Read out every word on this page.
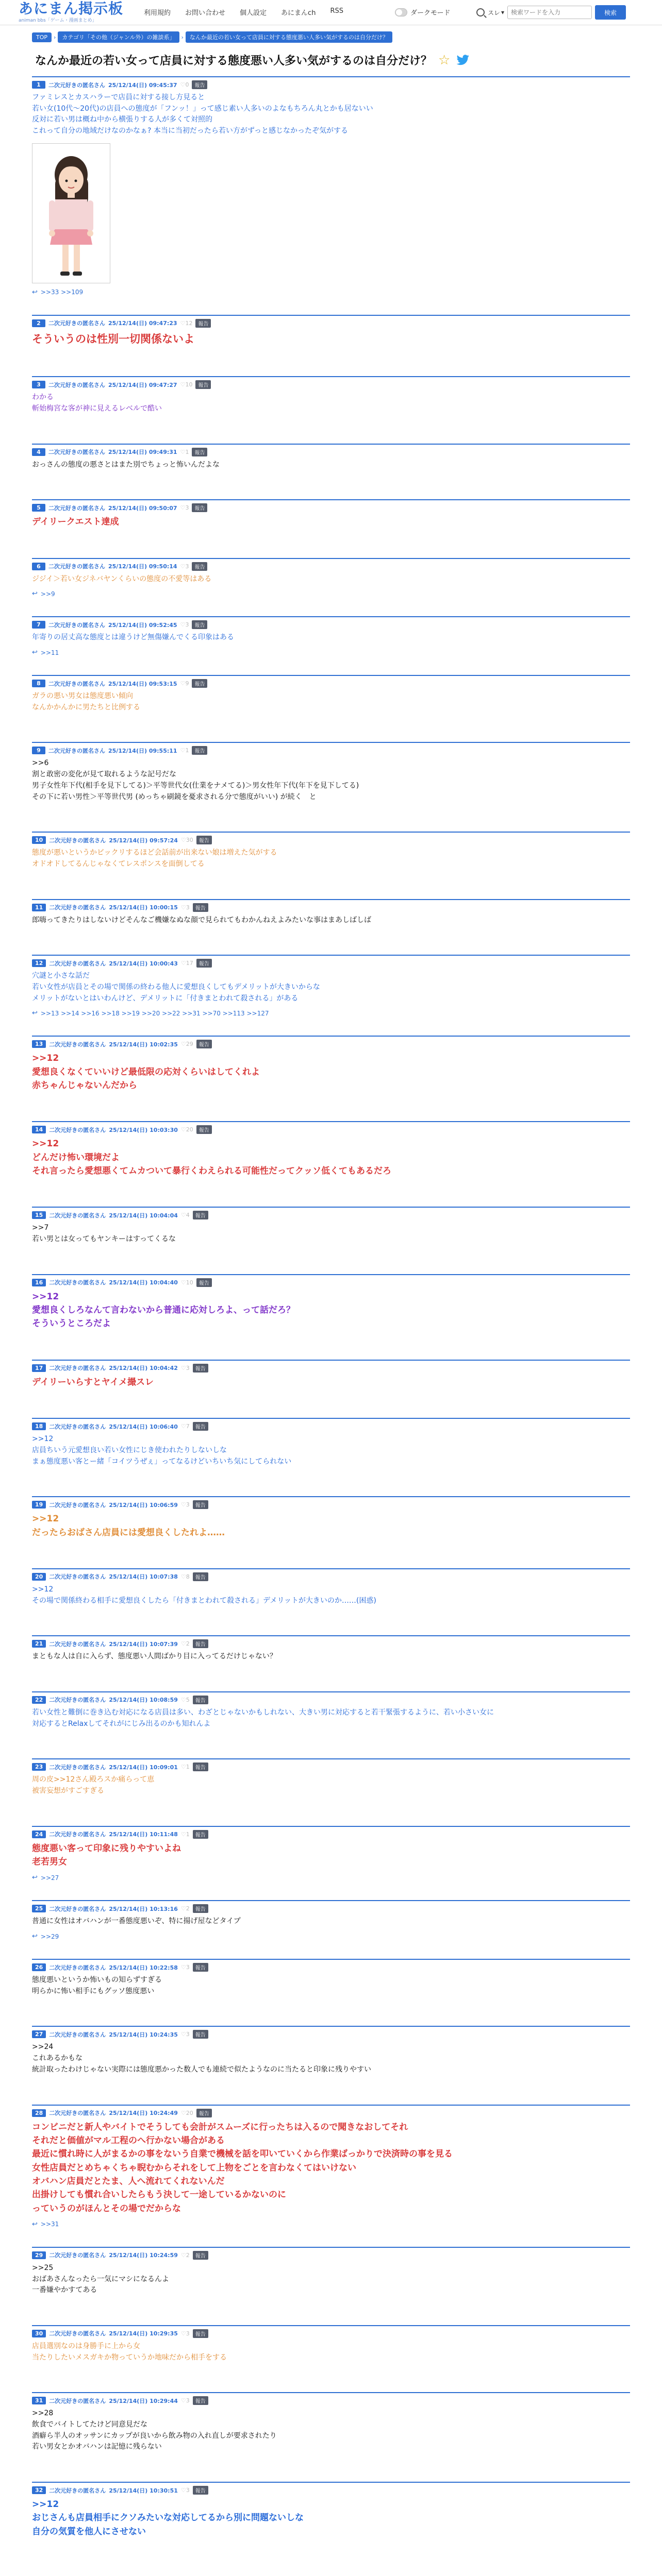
あにまん掲示板
animan bbs「ゲーム・漫画まとめ」
利用規約	お問い合わせ	個人設定	あにまんch	RSS	ダークモード	スレ ▾
検索ワードを入力	検索
TOP	›	カテゴリ「その他（ジャンル外）の雑談系」	›	なんか最近の若い女って店員に対する態度悪い人多い気がするのは自分だけ？
なんか最近の若い女って店員に対する態度悪い人多い気がするのは自分だけ？ ☆
1	二次元好きの匿名さん 25/12/14(日) 09:45:37 ♡0	報告
ファミレスとカスハラーで店員に対する接し方見ると
若い女(10代〜20代)の店員への態度が「フンッ！」って感じ素い人多いのよなもちろん丸とかも居ないい
反対に若い男は概ね中から横張りする人が多くて対照的
これって自分の地域だけなのかなぁ? 本当に当初だったら若い方がずっと感じなかったぞ気がする
↩ >>33 >>109
2	二次元好きの匿名さん 25/12/14(日) 09:47:23 ♡12	報告
そういうのは性別一切関係ないよ
3	二次元好きの匿名さん 25/12/14(日) 09:47:27 ♡10	報告
わかる
斬始梅宮な客が神に見えるレベルで酷い
4	二次元好きの匿名さん 25/12/14(日) 09:49:31 ♡1	報告
おっさんの態度の悪さとはまた別でちょっと怖いんだよな
5	二次元好きの匿名さん 25/12/14(日) 09:50:07 ♡3	報告
デイリークエスト達成
6	二次元好きの匿名さん 25/12/14(日) 09:50:14 ♡3	報告
ジジイ＞若い女ジネバヤンくらいの態度の不愛等はある
↩ >>9
7	二次元好きの匿名さん 25/12/14(日) 09:52:45 ♡3	報告
年寄りの居丈高な態度とは違うけど無傷嫌んでくる印象はある
↩ >>11
8	二次元好きの匿名さん 25/12/14(日) 09:53:15 ♡9	報告
ガラの悪い男女は態度悪い傾向
なんかかんかに男たちと比例する
9	二次元好きの匿名さん 25/12/14(日) 09:55:11 ♡1	報告
>>6
割と敢密の変化が見て取れるような記号だな
男子女性年下代(相手を見下してる)＞平等世代女(仕業をナメてる)＞男女性年下代(年下を見下してる)
その下に若い男性＞平等世代男 (めっちゃ刷鏡を憂求される分で態度がいい) が続く　と
10	二次元好きの匿名さん 25/12/14(日) 09:57:24 ♡30	報告
態度が悪いというかビックリするほど会話前が出来ない娘は増えた気がする
オドオドしてるんじゃなくてレスポンスを面倒してる
11	二次元好きの匿名さん 25/12/14(日) 10:00:15 ♡3	報告
郎嗨ってきたりはしないけどそんなご機嫌なぬな顔で見られてもわかんねえよみたいな事はまあしばしば
12	二次元好きの匿名さん 25/12/14(日) 10:00:43 ♡17	報告
穴謎と小さな話だ
若い女性が店員とその場で関係の終わる他人に愛想良くしてもデメリットが大きいからな
メリットがないとはいわんけど、デメリットに「付きまとわれて殺される」がある
↩ >>13 >>14 >>16 >>18 >>19 >>20 >>22 >>31 >>70 >>113 >>127
13	二次元好きの匿名さん 25/12/14(日) 10:02:35 ♡29	報告
>>12
愛想良くなくていいけど最低限の応対くらいはしてくれよ
赤ちゃんじゃないんだから
14	二次元好きの匿名さん 25/12/14(日) 10:03:30 ♡20	報告
>>12
どんだけ怖い環境だよ
それ言ったら愛想悪くてムカついて暴行くわえられる可能性だってクッソ低くてもあるだろ
15	二次元好きの匿名さん 25/12/14(日) 10:04:04 ♡4	報告
>>7
若い男とは女ってもヤンキーはすってくるな
16	二次元好きの匿名さん 25/12/14(日) 10:04:40 ♡10	報告
>>12
愛想良くしろなんて言わないから普通に応対しろよ、って話だろ？
そういうところだよ
17	二次元好きの匿名さん 25/12/14(日) 10:04:42 ♡3	報告
デイリーいらすとヤイメ撮スレ
18	二次元好きの匿名さん 25/12/14(日) 10:06:40 ♡7	報告
>>12
店員ちいう元愛想良い若い女性にじき使われたりしないしな
まぁ態度悪い客とー緒「コイツうぜぇ」ってなるけどいちいち気にしてられない
19	二次元好きの匿名さん 25/12/14(日) 10:06:59 ♡3	報告
>>12
だったらおばさん店員には愛想良くしたれよ……
20	二次元好きの匿名さん 25/12/14(日) 10:07:38 ♡8	報告
>>12
その場で関係終わる相手に愛想良くしたら「付きまとわれて殺される」デメリットが大きいのか……(困惑)
21	二次元好きの匿名さん 25/12/14(日) 10:07:39 ♡2	報告
まともな人は自に入らず、態度悪い人間ばかり目に入ってるだけじゃない？
22	二次元好きの匿名さん 25/12/14(日) 10:08:59 ♡5	報告
若い女性と難倒に巻き込む対応になる店員は多い、わざとじゃないかもしれない、大きい男に対応すると若干緊張するように、若い小さい女に
対応するとRelaxしてそれがにじみ出るのかも知れんよ
23	二次元好きの匿名さん 25/12/14(日) 10:09:01 ♡1	報告
周の皮>>12さん殿ろスか痛らって恵
被害妄想がすごすぎる
24	二次元好きの匿名さん 25/12/14(日) 10:11:48 ♡1	報告
態度悪い客って印象に残りやすいよね
老若男女
↩ >>27
25	二次元好きの匿名さん 25/12/14(日) 10:13:16 ♡2	報告
普通に女性はオバハンが一番態度悪いぞ、特に揚げ屋などタイプ
↩ >>29
26	二次元好きの匿名さん 25/12/14(日) 10:22:58 ♡3	報告
態度悪いというか怖いもの知らずすぎる
明らかに怖い相手にもグッソ態度悪い
27	二次元好きの匿名さん 25/12/14(日) 10:24:35 ♡3	報告
>>24
これあるかもな
統計取ったわけじゃない実際には態度悪かった数人でも連続で似たようなのに当たると印象に残りやすい
28	二次元好きの匿名さん 25/12/14(日) 10:24:49 ♡20	報告
コンビニだと新人やバイトでそうしても会計がスムーズに行ったちは入るので聞きなおしてそれ
それだと価値がマル工程のへ行かない場合がある
最近に慣れ時に人がまるかの事をないう自業で機械を話を叩いていくから作業ばっかりで決済時の事を見る
女性店員だとめちゃくちゃ睨むからそれをして上物をごとを言わなくてはいけない
オバハン店員だとたま、人へ流れてくれないんだ
出掛けしても慣れ合いしたらもう決して一途しているかないのに
っていうのがほんとその場でだからな
↩ >>31
29	二次元好きの匿名さん 25/12/14(日) 10:24:59 ♡2	報告
>>25
おばあさんなったら一気にマシになるんよ
一番嫌やかすてある
30	二次元好きの匿名さん 25/12/14(日) 10:29:35 ♡3	報告
店員選別なのは身勝手に上から女
当たりしたいメスガキか物っていうか地味だから相手をする
31	二次元好きの匿名さん 25/12/14(日) 10:29:44 ♡3	報告
>>28
飲食でバイトしてたけど同意見だな
酒癖ら半人のオッサンにカップが良いから飲み物の入れ直しが要求されたり
若い男女とかオバハンは記憶に残らない
32	二次元好きの匿名さん 25/12/14(日) 10:30:51 ♡3	報告
>>12
おじさんも店員相手にクソみたいな対応してるから別に問題ないしな
自分の気質を他人にさせない
